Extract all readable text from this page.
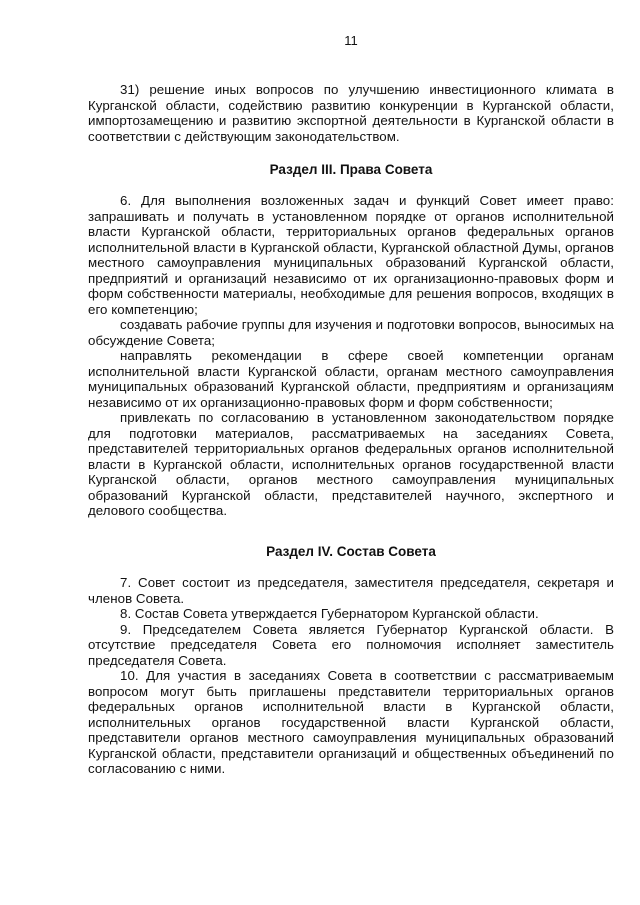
11

31) решение иных вопросов по улучшению инвестиционного климата в Курганской области, содействию развитию конкуренции в Курганской области, импортозамещению и развитию экспортной деятельности в Курганской области в соответствии с действующим законодательством.

Раздел III. Права Совета

6. Для выполнения возложенных задач и функций Совет имеет право: запрашивать и получать в установленном порядке от органов исполнительной власти Курганской области, территориальных органов федеральных органов исполнительной власти в Курганской области, Курганской областной Думы, органов местного самоуправления муниципальных образований Курганской области, предприятий и организаций независимо от их организационно-правовых форм и форм собственности материалы, необходимые для решения вопросов, входящих в его компетенцию;

создавать рабочие группы для изучения и подготовки вопросов, выносимых на обсуждение Совета;

направлять рекомендации в сфере своей компетенции органам исполнительной власти Курганской области, органам местного самоуправления муниципальных образований Курганской области, предприятиям и организациям независимо от их организационно-правовых форм и форм собственности;

привлекать по согласованию в установленном законодательством порядке для подготовки материалов, рассматриваемых на заседаниях Совета, представителей территориальных органов федеральных органов исполнительной власти в Курганской области, исполнительных органов государственной власти Курганской области, органов местного самоуправления муниципальных образований Курганской области, представителей научного, экспертного и делового сообщества.

Раздел IV. Состав Совета

7. Совет состоит из председателя, заместителя председателя, секретаря и членов Совета.

8. Состав Совета утверждается Губернатором Курганской области.

9. Председателем Совета является Губернатор Курганской области. В отсутствие председателя Совета его полномочия исполняет заместитель председателя Совета.

10. Для участия в заседаниях Совета в соответствии с рассматриваемым вопросом могут быть приглашены представители территориальных органов федеральных органов исполнительной власти в Курганской области, исполнительных органов государственной власти Курганской области, представители органов местного самоуправления муниципальных образований Курганской области, представители организаций и общественных объединений по согласованию с ними.
